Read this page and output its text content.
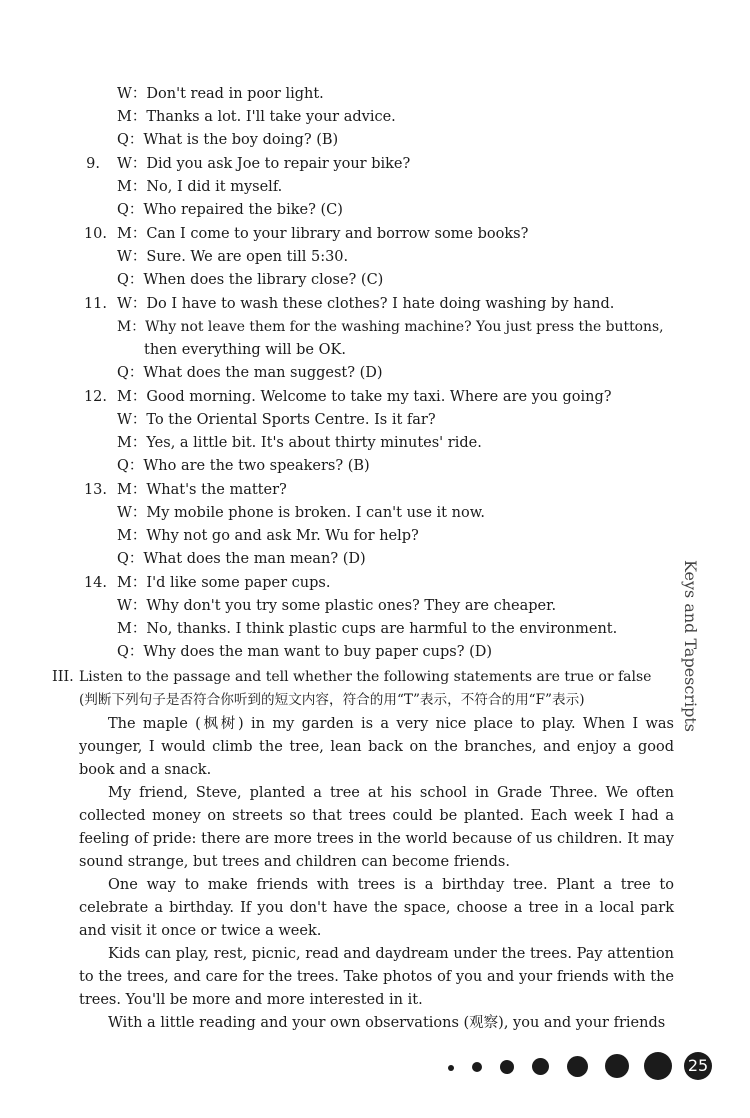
W：Don't read in poor light.
M：Thanks a lot. I'll take your advice.
Q：What is the boy doing? (B)
9. W：Did you ask Joe to repair your bike?
M：No, I did it myself.
Q：Who repaired the bike? (C)
10. M：Can I come to your library and borrow some books?
W：Sure. We are open till 5:30.
Q：When does the library close? (C)
11. W：Do I have to wash these clothes? I hate doing washing by hand.
M：Why not leave them for the washing machine? You just press the buttons,
then everything will be OK.
Q：What does the man suggest? (D)
12. M：Good morning. Welcome to take my taxi. Where are you going?
W：To the Oriental Sports Centre. Is it far?
M：Yes, a little bit. It's about thirty minutes' ride.
Q：Who are the two speakers? (B)
13. M：What's the matter?
W：My mobile phone is broken. I can't use it now.
M：Why not go and ask Mr. Wu for help?
Q：What does the man mean? (D)
14. M：I'd like some paper cups.
W：Why don't you try some plastic ones? They are cheaper.
M：No, thanks. I think plastic cups are harmful to the environment.
Q：Why does the man want to buy paper cups? (D)
III. Listen to the passage and tell whether the following statements are true or false
(判断下列句子是否符合你听到的短文内容，符合的用“T”表示，不符合的用“F”表示)
The maple (枫树) in my garden is a very nice place to play. When I was younger, I would climb the tree, lean back on the branches, and enjoy a good book and a snack.
My friend, Steve, planted a tree at his school in Grade Three. We often collected money on streets so that trees could be planted. Each week I had a feeling of pride: there are more trees in the world because of us children. It may sound strange, but trees and children can become friends.
One way to make friends with trees is a birthday tree. Plant a tree to celebrate a birthday. If you don't have the space, choose a tree in a local park and visit it once or twice a week.
Kids can play, rest, picnic, read and daydream under the trees. Pay attention to the trees, and care for the trees. Take photos of you and your friends with the trees. You'll be more and more interested in it.
With a little reading and your own observations (观察), you and your friends
Keys and Tapescripts
25
